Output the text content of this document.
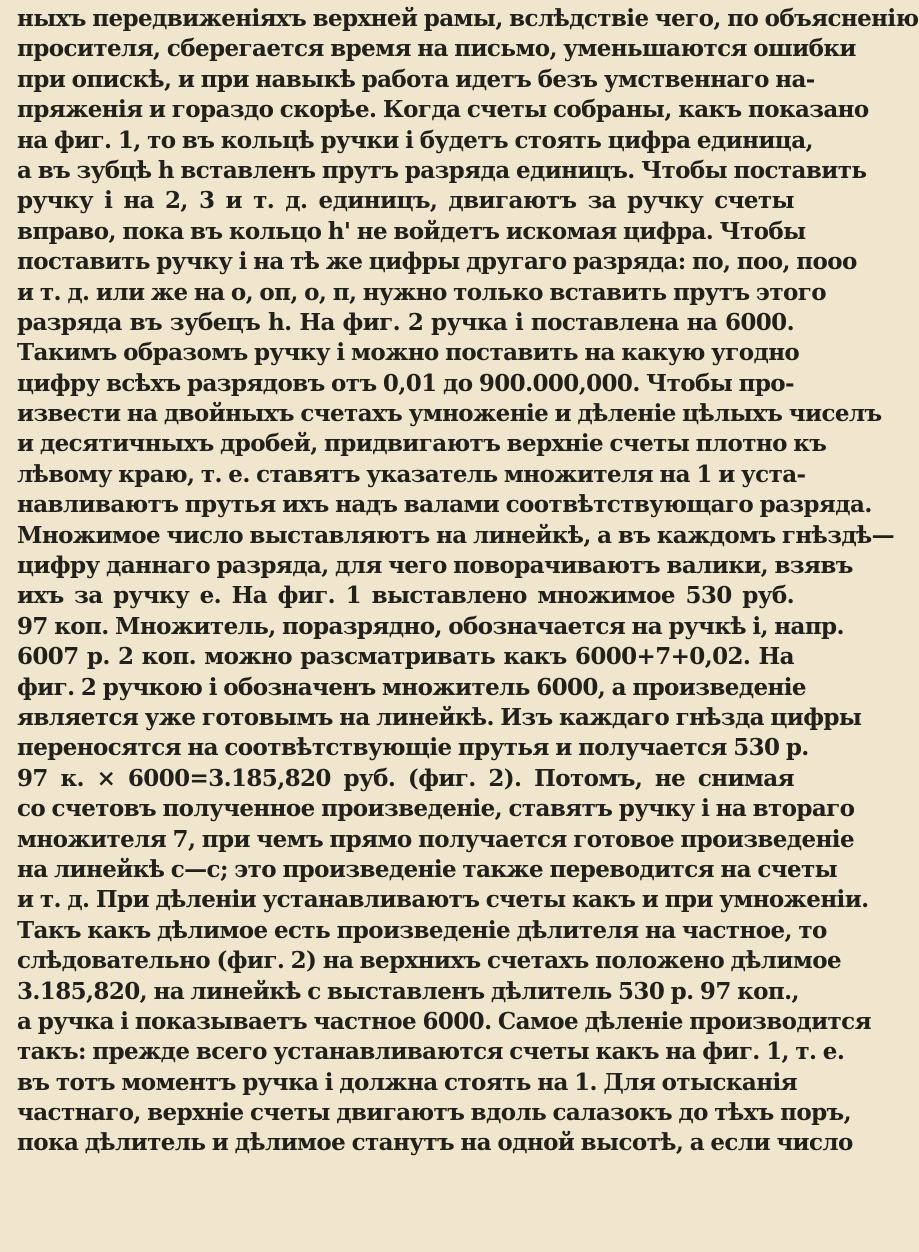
ныхъ передвиженіяхъ верхней рамы, вслѣдствіе чего, по объясненію
просителя, сберегается время на письмо, уменьшаются ошибки
при опискѣ, и при навыкѣ работа идетъ безъ умственнаго на-
пряженія и гораздо скорѣе. Когда счеты собраны, какъ показано
на фиг. 1, то въ кольцѣ ручки і будетъ стоять цифра единица,
а въ зубцѣ h вставленъ прутъ разряда единицъ. Чтобы поставить
ручку і на 2, 3 и т. д. единицъ, двигаютъ за ручку счеты
вправо, пока въ кольцо h' не войдетъ искомая цифра. Чтобы
поставить ручку і на тѣ же цифры другаго разряда: по, поо, пооо
и т. д. или же на о, оп, о, п, нужно только вставить прутъ этого
разряда въ зубецъ h. На фиг. 2 ручка і поставлена на 6000.
Такимъ образомъ ручку і можно поставить на какую угодно
цифру всѣхъ разрядовъ отъ 0,01 до 900.000,000. Чтобы про-
извести на двойныхъ счетахъ умноженіе и дѣленіе цѣлыхъ чиселъ
и десятичныхъ дробей, придвигаютъ верхніе счеты плотно къ
лѣвому краю, т. е. ставятъ указатель множителя на 1 и уста-
навливаютъ прутья ихъ надъ валами соотвѣтствующаго разряда.
Множимое число выставляютъ на линейкѣ, а въ каждомъ гнѣздѣ—
цифру даннаго разряда, для чего поворачиваютъ валики, взявъ
ихъ за ручку е. На фиг. 1 выставлено множимое 530 руб.
97 коп. Множитель, поразрядно, обозначается на ручкѣ і, напр.
6007 р. 2 коп. можно разсматривать какъ 6000+7+0,02. На
фиг. 2 ручкою і обозначенъ множитель 6000, а произведеніе
является уже готовымъ на линейкѣ. Изъ каждаго гнѣзда цифры
переносятся на соотвѣтствующіе прутья и получается 530 р.
97 к. × 6000=3.185,820 руб. (фиг. 2). Потомъ, не снимая
со счетовъ полученное произведеніе, ставятъ ручку і на втораго
множителя 7, при чемъ прямо получается готовое произведеніе
на линейкѣ с—с; это произведеніе также переводится на счеты
и т. д. При дѣленіи устанавливаютъ счеты какъ и при умноженіи.
Такъ какъ дѣлимое есть произведеніе дѣлителя на частное, то
слѣдовательно (фиг. 2) на верхнихъ счетахъ положено дѣлимое
3.185,820, на линейкѣ с выставленъ дѣлитель 530 р. 97 коп.,
а ручка і показываетъ частное 6000. Самое дѣленіе производится
такъ: прежде всего устанавливаются счеты какъ на фиг. 1, т. е.
въ тотъ моментъ ручка і должна стоять на 1. Для отысканія
частнаго, верхніе счеты двигаютъ вдоль салазокъ до тѣхъ поръ,
пока дѣлитель и дѣлимое станутъ на одной высотѣ, а если число
